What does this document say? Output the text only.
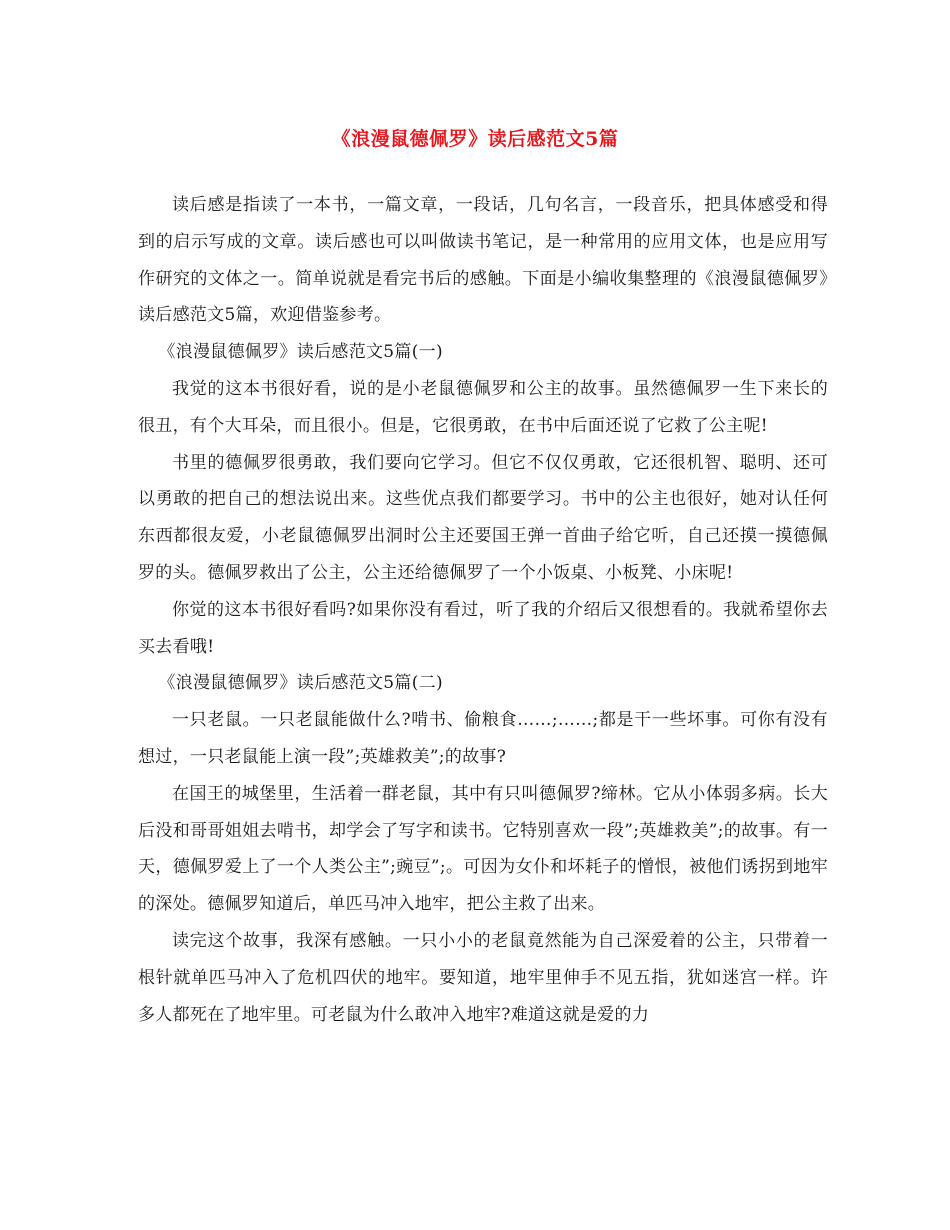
《浪漫鼠德佩罗》读后感范文5篇

读后感是指读了一本书，一篇文章，一段话，几句名言，一段音乐，把具体感受和得到的启示写成的文章。读后感也可以叫做读书笔记，是一种常用的应用文体，也是应用写作研究的文体之一。简单说就是看完书后的感触。下面是小编收集整理的《浪漫鼠德佩罗》读后感范文5篇，欢迎借鉴参考。

《浪漫鼠德佩罗》读后感范文5篇(一)

我觉的这本书很好看，说的是小老鼠德佩罗和公主的故事。虽然德佩罗一生下来长的很丑，有个大耳朵，而且很小。但是，它很勇敢，在书中后面还说了它救了公主呢!

书里的德佩罗很勇敢，我们要向它学习。但它不仅仅勇敢，它还很机智、聪明、还可以勇敢的把自己的想法说出来。这些优点我们都要学习。书中的公主也很好，她对认任何东西都很友爱，小老鼠德佩罗出洞时公主还要国王弹一首曲子给它听，自己还摸一摸德佩罗的头。德佩罗救出了公主，公主还给德佩罗了一个小饭桌、小板凳、小床呢!

你觉的这本书很好看吗?如果你没有看过，听了我的介绍后又很想看的。我就希望你去买去看哦!

《浪漫鼠德佩罗》读后感范文5篇(二)

一只老鼠。一只老鼠能做什么?啃书、偷粮食……;……;都是干一些坏事。可你有没有想过，一只老鼠能上演一段”;英雄救美”;的故事?

在国王的城堡里，生活着一群老鼠，其中有只叫德佩罗?缔林。它从小体弱多病。长大后没和哥哥姐姐去啃书，却学会了写字和读书。它特别喜欢一段”;英雄救美”;的故事。有一天，德佩罗爱上了一个人类公主”;豌豆”;。可因为女仆和坏耗子的憎恨，被他们诱拐到地牢的深处。德佩罗知道后，单匹马冲入地牢，把公主救了出来。

读完这个故事，我深有感触。一只小小的老鼠竟然能为自己深爱着的公主，只带着一根针就单匹马冲入了危机四伏的地牢。要知道，地牢里伸手不见五指，犹如迷宫一样。许多人都死在了地牢里。可老鼠为什么敢冲入地牢?难道这就是爱的力
